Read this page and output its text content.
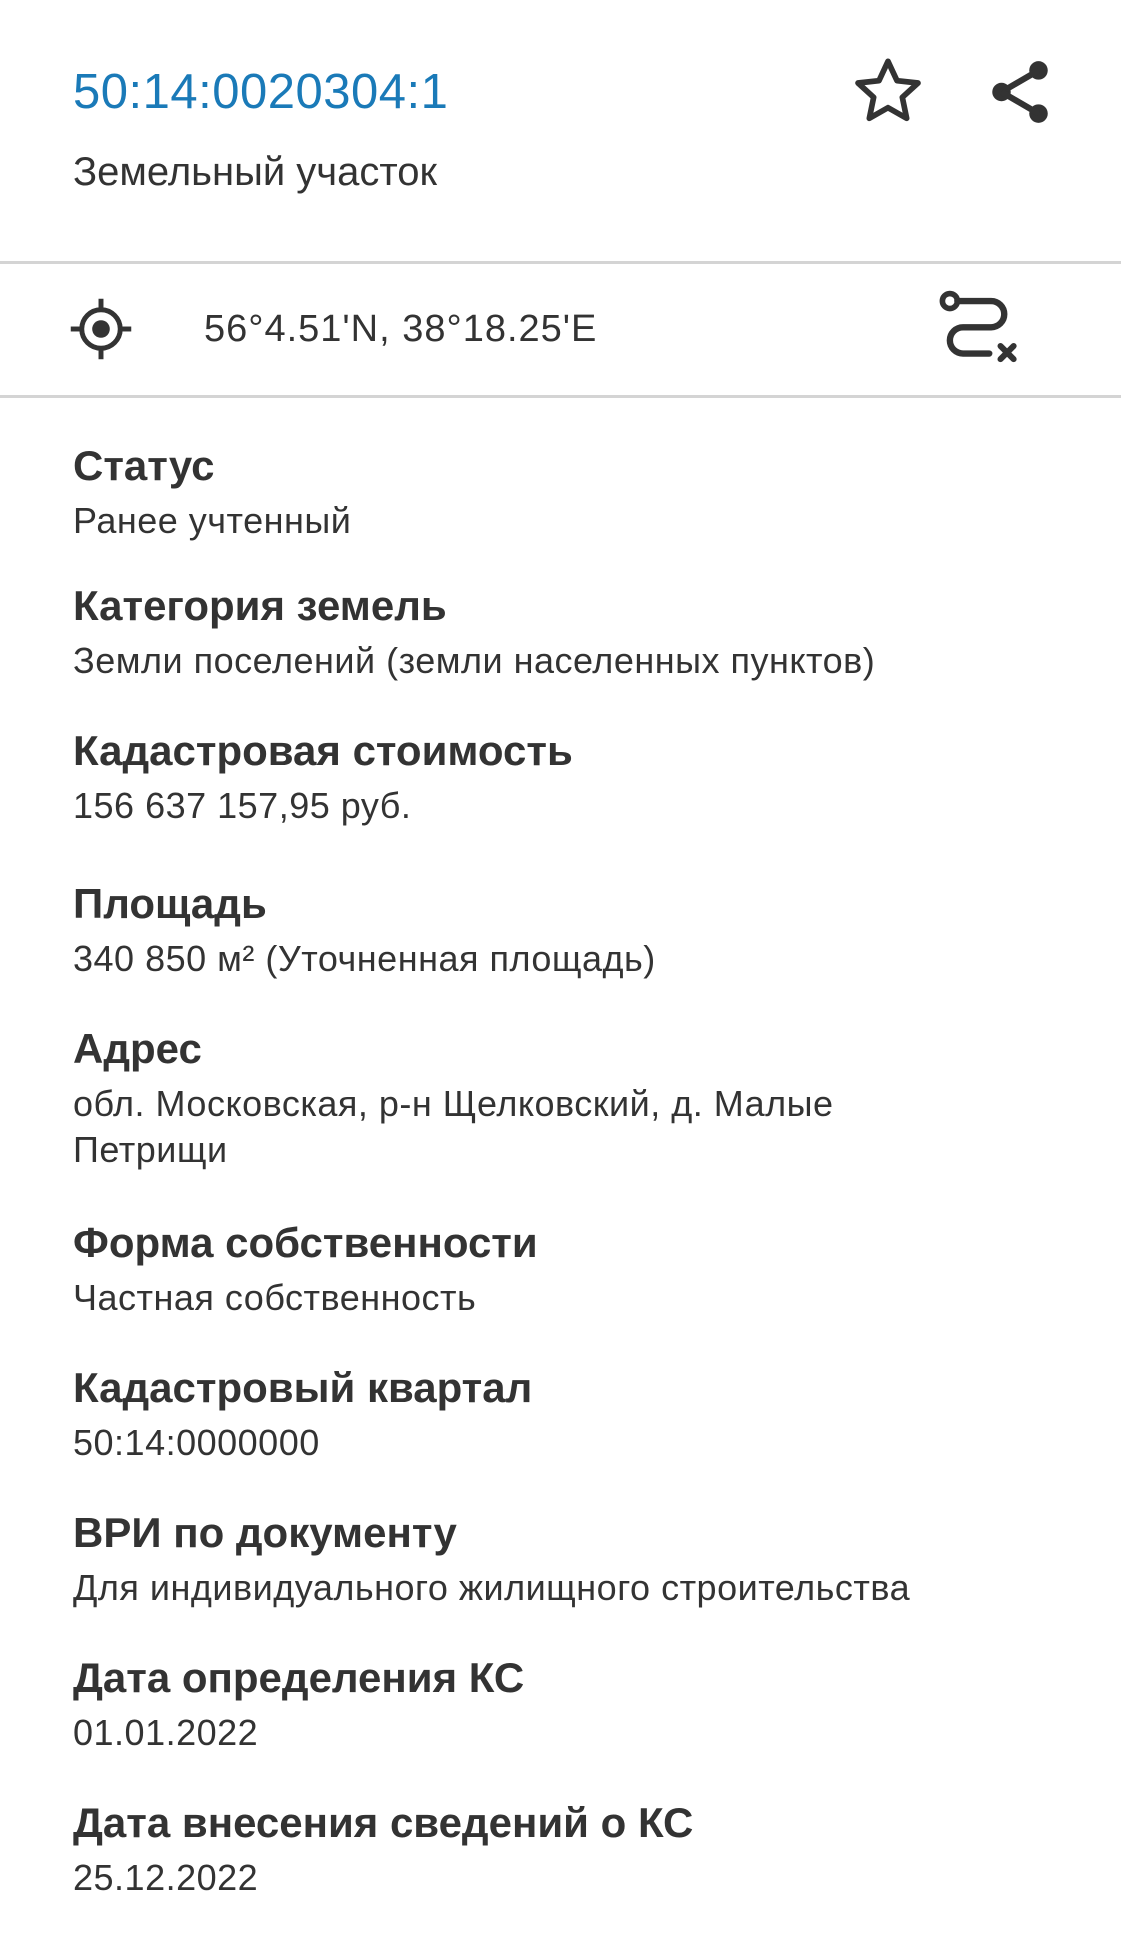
50:14:0020304:1
Земельный участок
56°4.51'N, 38°18.25'E

Статус

Ранее учтенный

Категория земель

Земли поселений (земли населенных пунктов)

Кадастровая стоимость

156 637 157,95 руб.

Площадь

340 850 м² (Уточненная площадь)

Адрес

обл. Московская, р-н Щелковский, д. Малые Петрищи

Форма собственности

Частная собственность

Кадастровый квартал

50:14:0000000

ВРИ по документу

Для индивидуального жилищного строительства

Дата определения КС

01.01.2022

Дата внесения сведений о КС

25.12.2022
